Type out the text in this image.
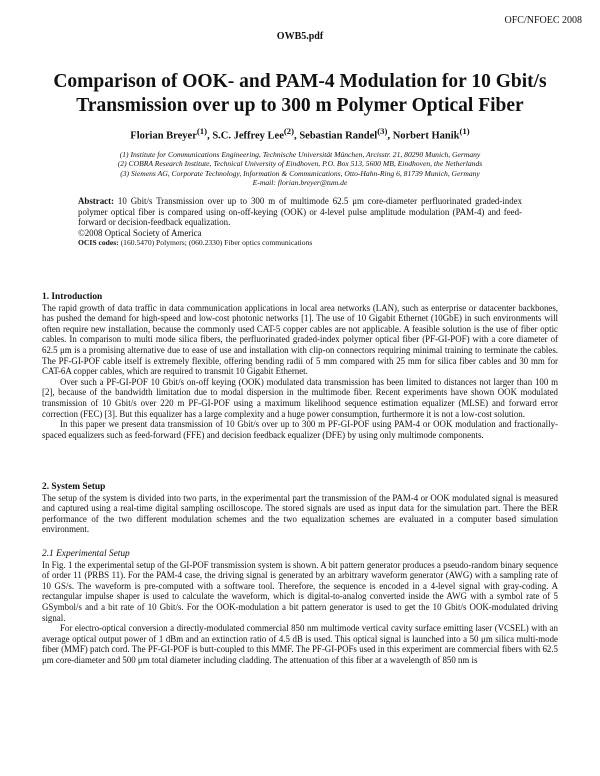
OFC/NFOEC 2008
OWB5.pdf
Comparison of OOK- and PAM-4 Modulation for 10 Gbit/s
Transmission over up to 300 m Polymer Optical Fiber
Florian Breyer$^{(1)}$, S.C. Jeffrey Lee$^{(2)}$, Sebastian Randel$^{(3)}$, Norbert Hanik$^{(1)}$
(1) Institute for Communications Engineering, Technische Universität München, Arcisstr. 21, 80290 Munich, Germany
(2) COBRA Research Institute, Technical University of Eindhoven, P.O. Box 513, 5600 MB, Eindhoven, the Netherlands
(3) Siemens AG, Corporate Technology, Information & Communications, Otto-Hahn-Ring 6, 81739 Munich, Germany
E-mail: florian.breyer@tum.de

Abstract: 10 Gbit/s Transmission over up to 300 m of multimode 62.5 μm core-diameter perfluorinated graded-index polymer optical fiber is compared using on-off-keying (OOK) or 4-level pulse amplitude modulation (PAM-4) and feed-forward or decision-feedback equalization.

©2008 Optical Society of America

OCIS codes: (160.5470) Polymers; (060.2330) Fiber optics communications

1. Introduction

The rapid growth of data traffic in data communication applications in local area networks (LAN), such as enterprise or datacenter backbones, has pushed the demand for high-speed and low-cost photonic networks [1]. The use of 10 Gigabit Ethernet (10GbE) in such environments will often require new installation, because the commonly used CAT-5 copper cables are not applicable. A feasible solution is the use of fiber optic cables. In comparison to multi mode silica fibers, the perfluorinated graded-index polymer optical fiber (PF-GI-POF) with a core diameter of 62.5 μm is a promising alternative due to ease of use and installation with clip-on connectors requiring minimal training to terminate the cables. The PF-GI-POF cable itself is extremely flexible, offering bending radii of 5 mm compared with 25 mm for silica fiber cables and 30 mm for CAT-6A copper cables, which are required to transmit 10 Gigabit Ethernet.

Over such a PF-GI-POF 10 Gbit/s on-off keying (OOK) modulated data transmission has been limited to distances not larger than 100 m [2], because of the bandwidth limitation due to modal dispersion in the multimode fiber. Recent experiments have shown OOK modulated transmission of 10 Gbit/s over 220 m PF-GI-POF using a maximum likelihood sequence estimation equalizer (MLSE) and forward error correction (FEC) [3]. But this equalizer has a large complexity and a huge power consumption, furthermore it is not a low-cost solution.

In this paper we present data transmission of 10 Gbit/s over up to 300 m PF-GI-POF using PAM-4 or OOK modulation and fractionally-spaced equalizers such as feed-forward (FFE) and decision feedback equalizer (DFE) by using only multimode components.

2. System Setup

The setup of the system is divided into two parts, in the experimental part the transmission of the PAM-4 or OOK modulated signal is measured and captured using a real-time digital sampling oscilloscope. The stored signals are used as input data for the simulation part. There the BER performance of the two different modulation schemes and the two equalization schemes are evaluated in a computer based simulation environment.

2.1 Experimental Setup

In Fig. 1 the experimental setup of the GI-POF transmission system is shown. A bit pattern generator produces a pseudo-random binary sequence of order 11 (PRBS 11). For the PAM-4 case, the driving signal is generated by an arbitrary waveform generator (AWG) with a sampling rate of 10 GS/s. The waveform is pre-computed with a software tool. Therefore, the sequence is encoded in a 4-level signal with gray-coding. A rectangular impulse shaper is used to calculate the waveform, which is digital-to-analog converted inside the AWG with a symbol rate of 5 GSymbol/s and a bit rate of 10 Gbit/s. For the OOK-modulation a bit pattern generator is used to get the 10 Gbit/s OOK-modulated driving signal.

For electro-optical conversion a directly-modulated commercial 850 nm multimode vertical cavity surface emitting laser (VCSEL) with an average optical output power of 1 dBm and an extinction ratio of 4.5 dB is used. This optical signal is launched into a 50 μm silica multi-mode fiber (MMF) patch cord. The PF-GI-POF is butt-coupled to this MMF. The PF-GI-POFs used in this experiment are commercial fibers with 62.5 μm core-diameter and 500 μm total diameter including cladding. The attenuation of this fiber at a wavelength of 850 nm is
